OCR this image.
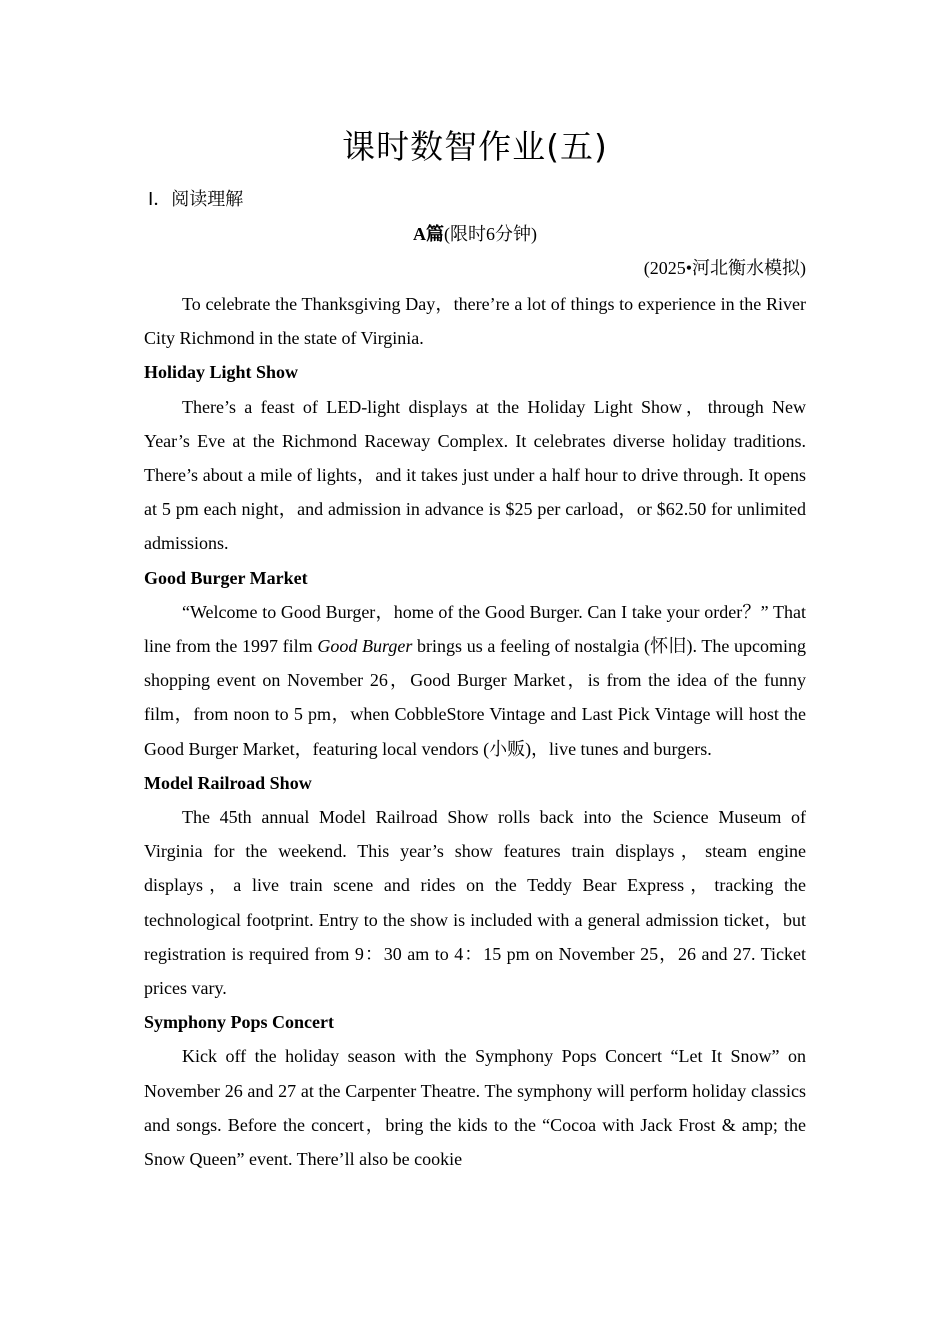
课时数智作业(五)
Ⅰ．阅读理解
A篇(限时6分钟)
(2025•河北衡水模拟)

To celebrate the Thanksgiving Day，there’re a lot of things to experience in the River City Richmond in the state of Virginia.

Holiday Light Show

There’s a feast of LED-light displays at the Holiday Light Show，through New Year’s Eve at the Richmond Raceway Complex. It celebrates diverse holiday traditions. There’s about a mile of lights，and it takes just under a half hour to drive through. It opens at 5 pm each night，and admission in advance is $25 per carload，or $62.50 for unlimited admissions.

Good Burger Market

“Welcome to Good Burger，home of the Good Burger. Can I take your order？” That line from the 1997 film Good Burger brings us a feeling of nostalgia (怀旧). The upcoming shopping event on November 26，Good Burger Market，is from the idea of the funny film，from noon to 5 pm，when CobbleStore Vintage and Last Pick Vintage will host the Good Burger Market，featuring local vendors (小贩)，live tunes and burgers.

Model Railroad Show

The 45th annual Model Railroad Show rolls back into the Science Museum of Virginia for the weekend. This year’s show features train displays，steam engine displays，a live train scene and rides on the Teddy Bear Express，tracking the technological footprint. Entry to the show is included with a general admission ticket，but registration is required from 9：30 am to 4：15 pm on November 25，26 and 27. Ticket prices vary.

Symphony Pops Concert

Kick off the holiday season with the Symphony Pops Concert “Let It Snow” on November 26 and 27 at the Carpenter Theatre. The symphony will perform holiday classics and songs. Before the concert，bring the kids to the “Cocoa with Jack Frost & amp; the Snow Queen” event. There’ll also be cookie
